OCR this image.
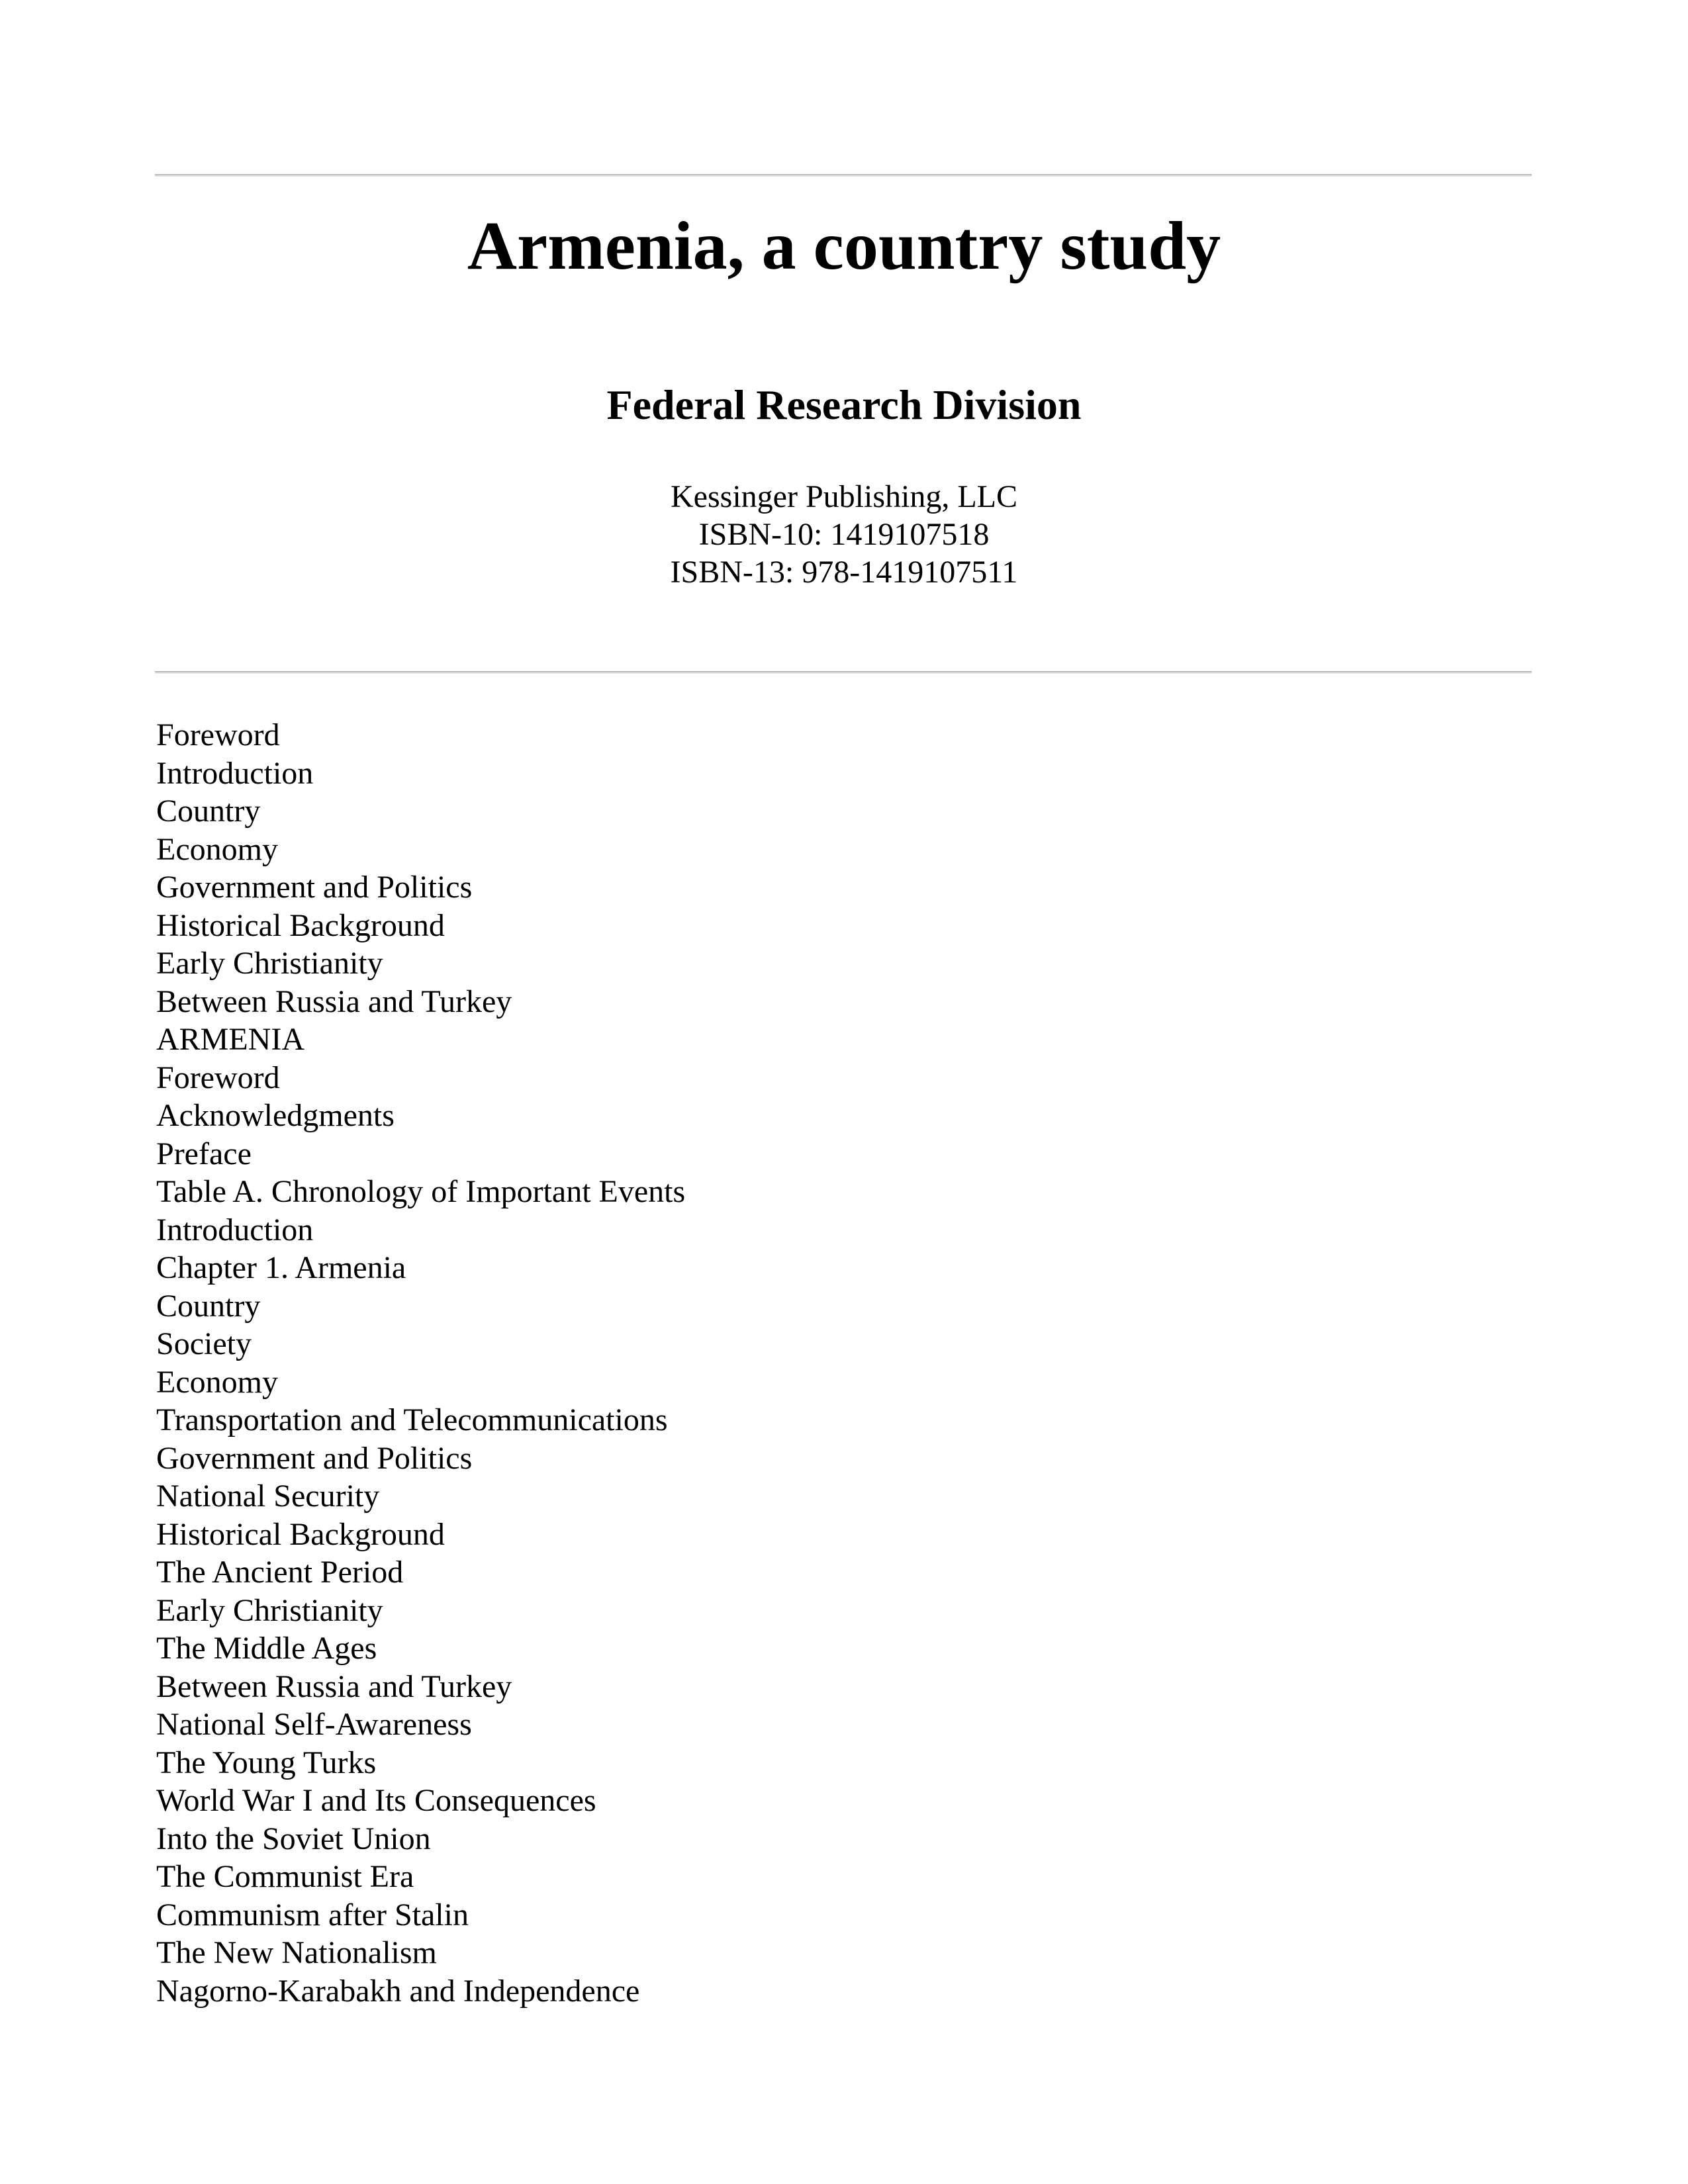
Armenia, a country study
Federal Research Division
Kessinger Publishing, LLC
ISBN-10: 1419107518
ISBN-13: 978-1419107511
Foreword
Introduction
Country
Economy
Government and Politics
Historical Background
Early Christianity
Between Russia and Turkey
ARMENIA
Foreword
Acknowledgments
Preface
Table A. Chronology of Important Events
Introduction
Chapter 1. Armenia
Country
Society
Economy
Transportation and Telecommunications
Government and Politics
National Security
Historical Background
The Ancient Period
Early Christianity
The Middle Ages
Between Russia and Turkey
National Self-Awareness
The Young Turks
World War I and Its Consequences
Into the Soviet Union
The Communist Era
Communism after Stalin
The New Nationalism
Nagorno-Karabakh and Independence
